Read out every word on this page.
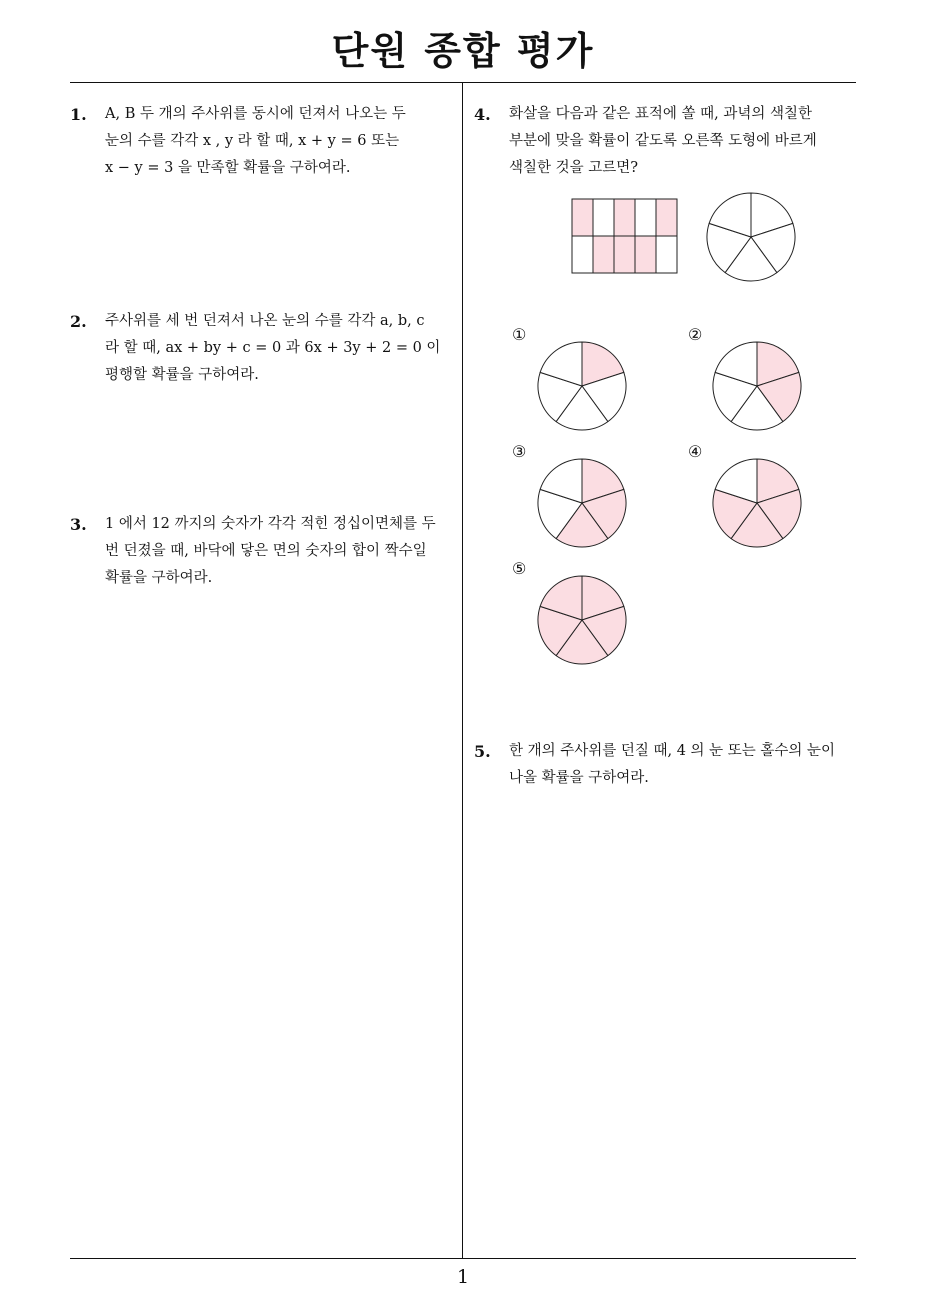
단원 종합 평가
1. A, B 두 개의 주사위를 동시에 던져서 나오는 두
눈의 수를 각각 x , y 라 할 때, x + y = 6 또는
x − y = 3 을 만족할 확률을 구하여라.
2. 주사위를 세 번 던져서 나온 눈의 수를 각각 a, b, c
라 할 때, ax + by + c = 0 과 6x + 3y + 2 = 0 이
평행할 확률을 구하여라.
3. 1 에서 12 까지의 숫자가 각각 적힌 정십이면체를 두
번 던졌을 때, 바닥에 닿은 면의 숫자의 합이 짝수일
확률을 구하여라.
4. 화살을 다음과 같은 표적에 쏠 때, 과녁의 색칠한
부분에 맞을 확률이 같도록 오른쪽 도형에 바르게
색칠한 것을 고르면?
5. 한 개의 주사위를 던질 때, 4 의 눈 또는 홀수의 눈이
나올 확률을 구하여라.
①	②
③	④
⑤
1
